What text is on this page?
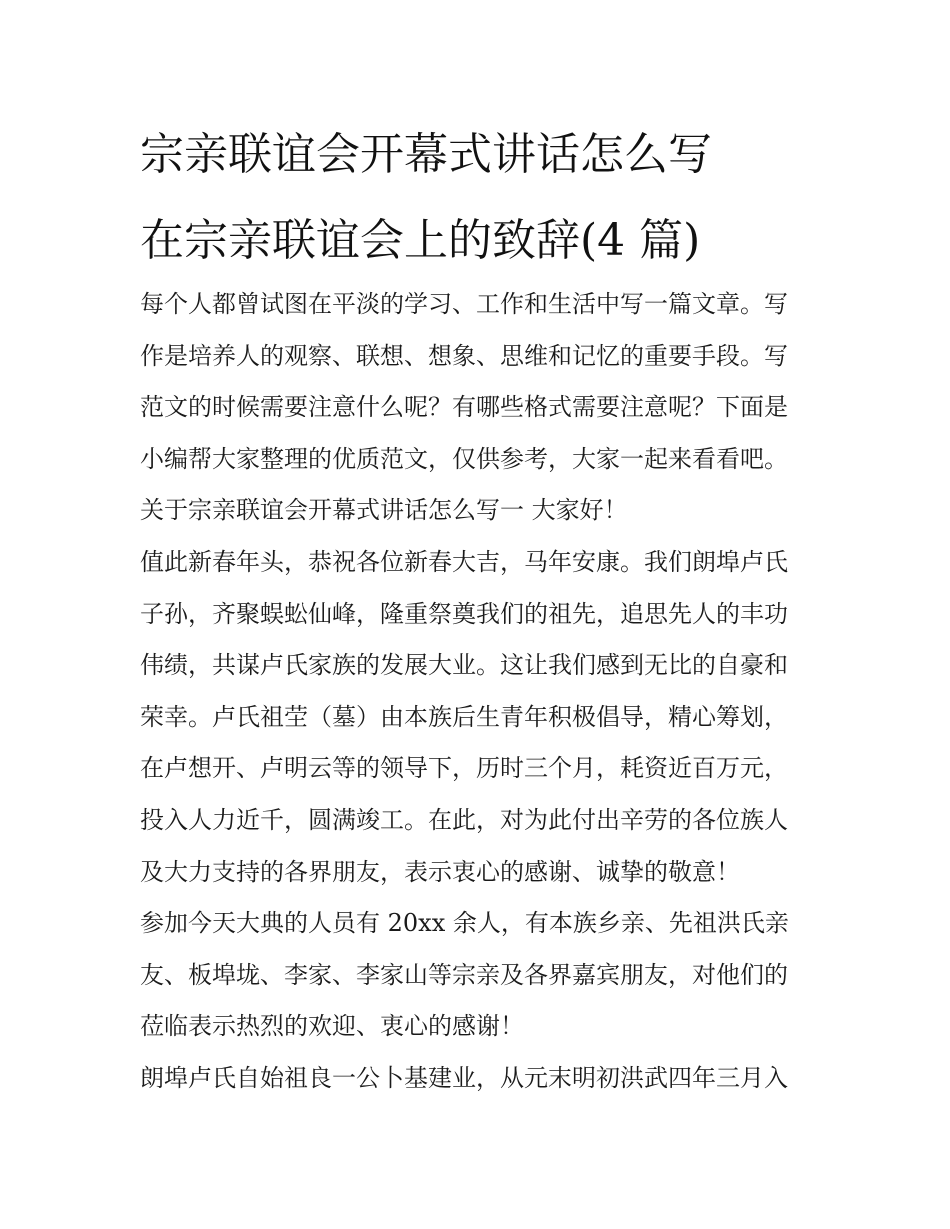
宗亲联谊会开幕式讲话怎么写
在宗亲联谊会上的致辞(4 篇)
每个人都曾试图在平淡的学习、工作和生活中写一篇文章。写
作是培养人的观察、联想、想象、思维和记忆的重要手段。写
范文的时候需要注意什么呢？有哪些格式需要注意呢？下面是
小编帮大家整理的优质范文，仅供参考，大家一起来看看吧。
关于宗亲联谊会开幕式讲话怎么写一 大家好！
值此新春年头，恭祝各位新春大吉，马年安康。我们朗埠卢氏
子孙，齐聚蜈蚣仙峰，隆重祭奠我们的祖先，追思先人的丰功
伟绩，共谋卢氏家族的发展大业。这让我们感到无比的自豪和
荣幸。卢氏祖茔（墓）由本族后生青年积极倡导，精心筹划，
在卢想开、卢明云等的领导下，历时三个月，耗资近百万元，
投入人力近千，圆满竣工。在此，对为此付出辛劳的各位族人
及大力支持的各界朋友，表示衷心的感谢、诚挚的敬意！
参加今天大典的人员有 20xx 余人，有本族乡亲、先祖洪氏亲
友、板埠垅、李家、李家山等宗亲及各界嘉宾朋友，对他们的
莅临表示热烈的欢迎、衷心的感谢！
朗埠卢氏自始祖良一公卜基建业，从元末明初洪武四年三月入
